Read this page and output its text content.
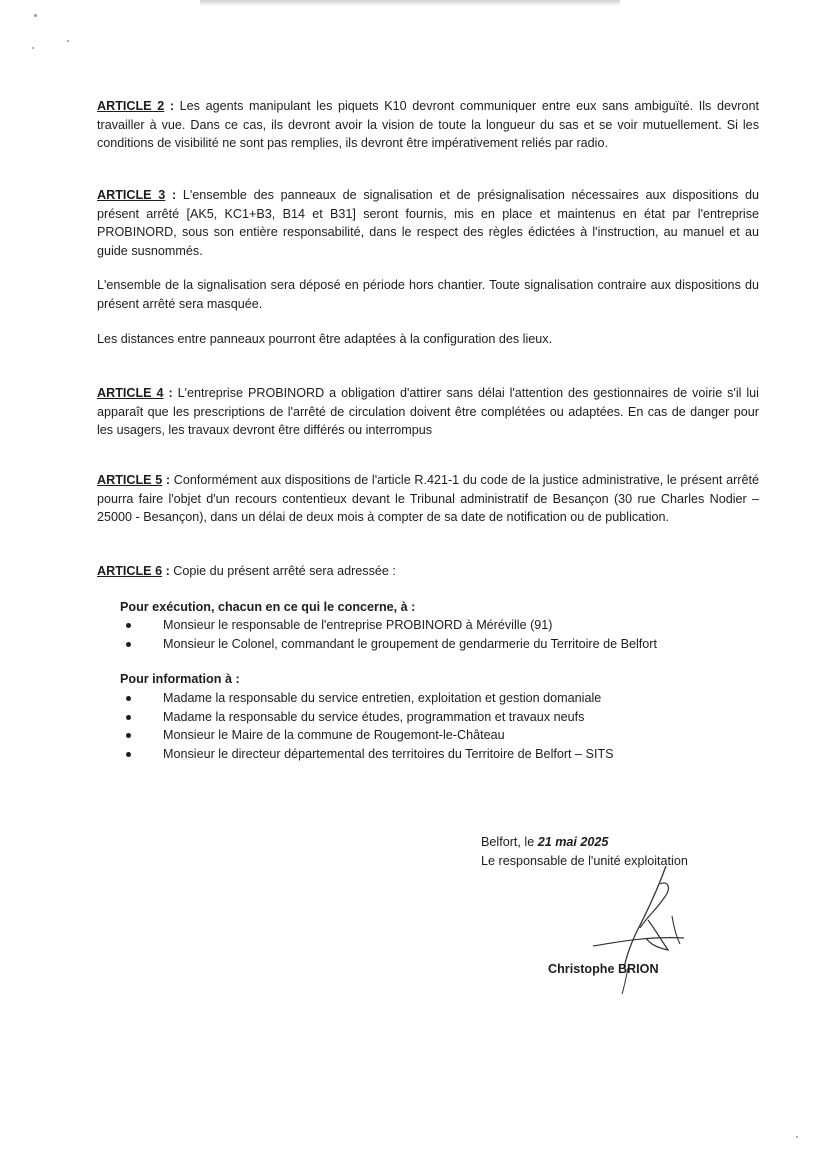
ARTICLE 2 : Les agents manipulant les piquets K10 devront communiquer entre eux sans ambiguïté. Ils devront travailler à vue. Dans ce cas, ils devront avoir la vision de toute la longueur du sas et se voir mutuellement. Si les conditions de visibilité ne sont pas remplies, ils devront être impérativement reliés par radio.
ARTICLE 3 : L'ensemble des panneaux de signalisation et de présignalisation nécessaires aux dispositions du présent arrêté [AK5, KC1+B3, B14 et B31] seront fournis, mis en place et maintenus en état par l'entreprise PROBINORD, sous son entière responsabilité, dans le respect des règles édictées à l'instruction, au manuel et au guide susnommés.
L'ensemble de la signalisation sera déposé en période hors chantier. Toute signalisation contraire aux dispositions du présent arrêté sera masquée.
Les distances entre panneaux pourront être adaptées à la configuration des lieux.
ARTICLE 4 : L'entreprise PROBINORD a obligation d'attirer sans délai l'attention des gestionnaires de voirie s'il lui apparaît que les prescriptions de l'arrêté de circulation doivent être complétées ou adaptées. En cas de danger pour les usagers, les travaux devront être différés ou interrompus
ARTICLE 5 : Conformément aux dispositions de l'article R.421-1 du code de la justice administrative, le présent arrêté pourra faire l'objet d'un recours contentieux devant le Tribunal administratif de Besançon (30 rue Charles Nodier – 25000 - Besançon), dans un délai de deux mois à compter de sa date de notification ou de publication.
ARTICLE 6 : Copie du présent arrêté sera adressée :
Pour exécution, chacun en ce qui le concerne, à :
Monsieur le responsable de l'entreprise PROBINORD à Méréville (91)
Monsieur le Colonel, commandant le groupement de gendarmerie du Territoire de Belfort
Pour information à :
Madame la responsable du service entretien, exploitation et gestion domaniale
Madame la responsable du service études, programmation et travaux neufs
Monsieur le Maire de la commune de Rougemont-le-Château
Monsieur le directeur départemental des territoires du Territoire de Belfort – SITS
Belfort, le 21 mai 2025
Le responsable de l'unité exploitation
Christophe BRION
